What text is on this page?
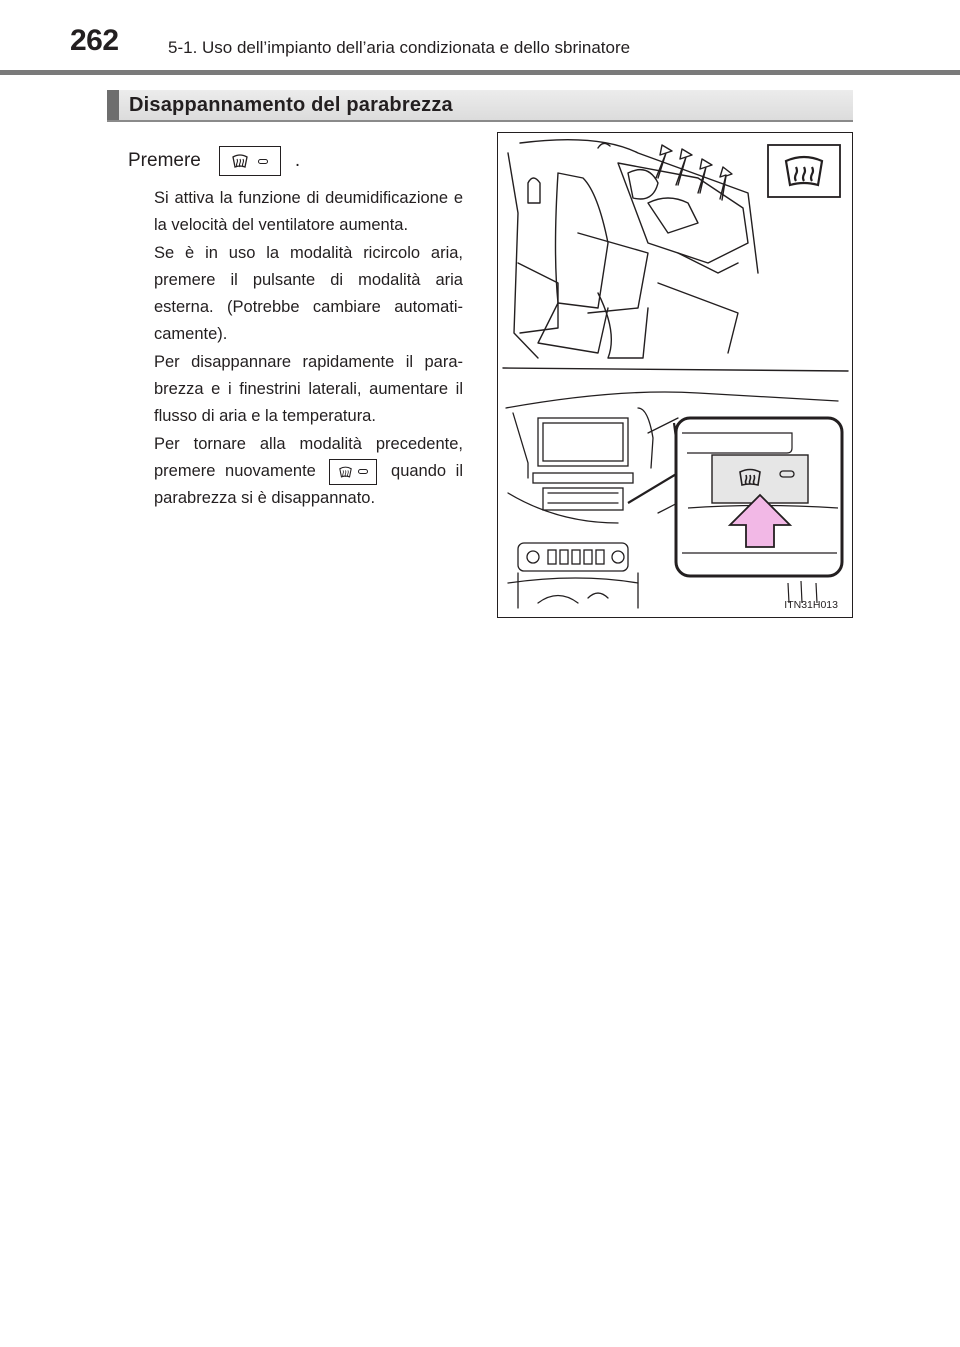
262	5-1. Uso dell’impianto dell’aria condizionata e dello sbrinatore
Disappannamento del parabrezza
Premere	.

Si attiva la funzione di deumidificazione e la velocità del ventilatore aumenta.

Se è in uso la modalità ricircolo aria, premere il pulsante di modalità aria esterna. (Potrebbe cambiare automati-camente).

Per disappannare rapidamente il para-brezza e i finestrini laterali, aumentare il flusso di aria e la temperatura.

Per tornare alla modalità precedente, premere nuovamente	quando il parabrezza si è disappannato.

ITN31H013
